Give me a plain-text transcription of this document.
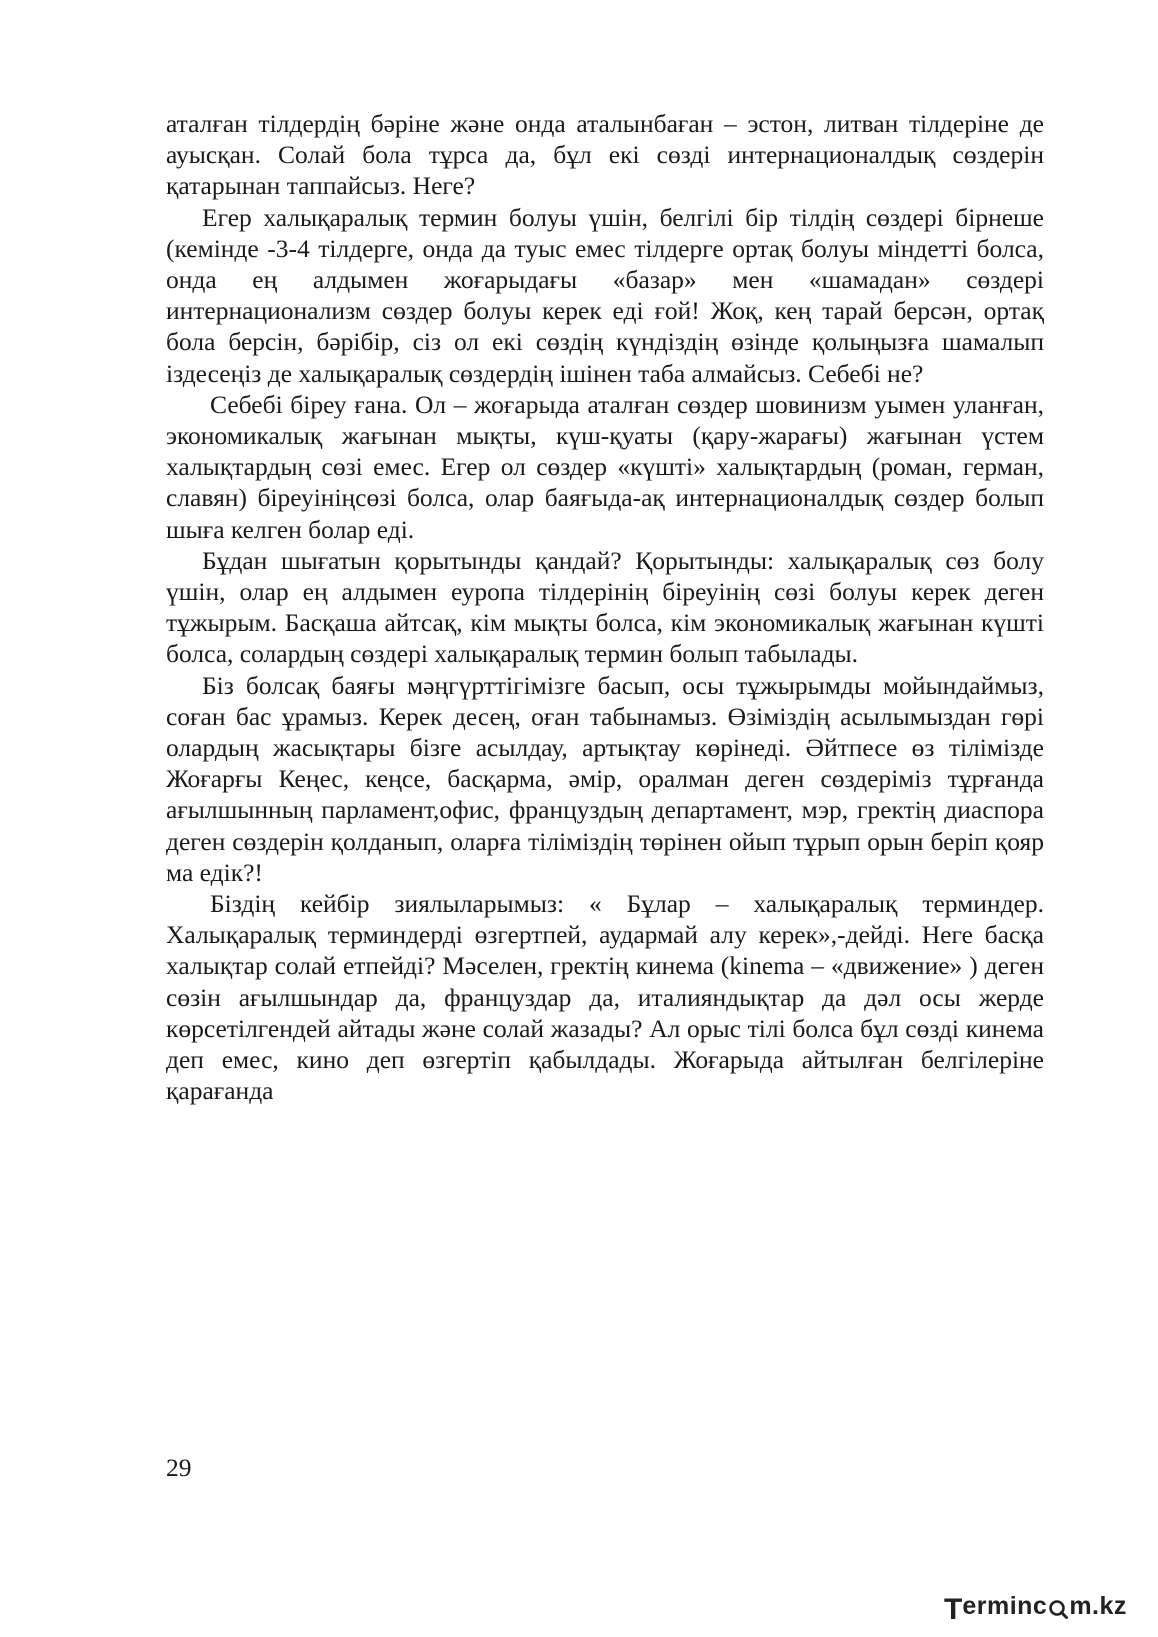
аталған тілдердің бәріне және онда аталынбаған – эстон, литван тілдеріне де ауысқан. Солай бола тұрса да, бұл екі сөзді интернационалдық сөздерін қатарынан таппайсыз. Неге?

Егер халықаралық термин болуы үшін, белгілі бір тілдің сөздері бірнеше (кемінде -3-4 тілдерге, онда да туыс емес тілдерге ортақ болуы міндетті болса, онда ең алдымен жоғарыдағы «базар» мен «шамадан» сөздері интернационализм сөздер болуы керек еді ғой! Жоқ, кең тарай берсән, ортақ бола берсін, бәрібір, сіз ол екі сөздің күндіздің өзінде қолыңызға шамалып іздесеңіз де халықаралық сөздердің ішінен таба алмайсыз. Себебі не?

Себебі біреу ғана. Ол – жоғарыда аталған сөздер шовинизм уымен уланған, экономикалық жағынан мықты, күш-қуаты (қару-жарағы) жағынан үстем халықтардың сөзі емес. Егер ол сөздер «күшті» халықтардың (роман, герман, славян) біреуініңсөзі болса, олар баяғыда-ақ интернационалдық сөздер болып шыға келген болар еді.

Бұдан шығатын қорытынды қандай? Қорытынды: халықаралық сөз болу үшін, олар ең алдымен еуропа тілдерінің біреуінің сөзі болуы керек деген тұжырым. Басқаша айтсақ, кім мықты болса, кім экономикалық жағынан күшті болса, солардың сөздері халықаралық термин болып табылады.

Біз болсақ баяғы мәңгүрттігімізге басып, осы тұжырымды мойындаймыз, соған бас ұрамыз. Керек десең, оған табынамыз. Өзіміздің асылымыздан гөрі олардың жасықтары бізге асылдау, артықтау көрінеді. Әйтпесе өз тілімізде Жоғарғы Кеңес, кеңсе, басқарма, әмір, оралман деген сөздеріміз тұрғанда ағылшынның парламент,офис, француздың департамент, мэр, гректің диаспора деген сөздерін қолданып, оларға тіліміздің төрінен ойып тұрып орын беріп қояр ма едік?!

Біздің кейбір зиялыларымыз: « Бұлар – халықаралық терминдер. Халықаралық терминдерді өзгертпей, аудармай алу керек»,-дейді. Неге басқа халықтар солай етпейді? Мәселен, гректің кинема (kinema – «движение» ) деген сөзін ағылшындар да, француздар да, италияндықтар да дәл осы жерде көрсетілгендей айтады және солай жазады? Ал орыс тілі болса бұл сөзді кинема деп емес, кино деп өзгертіп қабылдады. Жоғарыда айтылған белгілеріне қарағанда

29
T erminc m.kz
